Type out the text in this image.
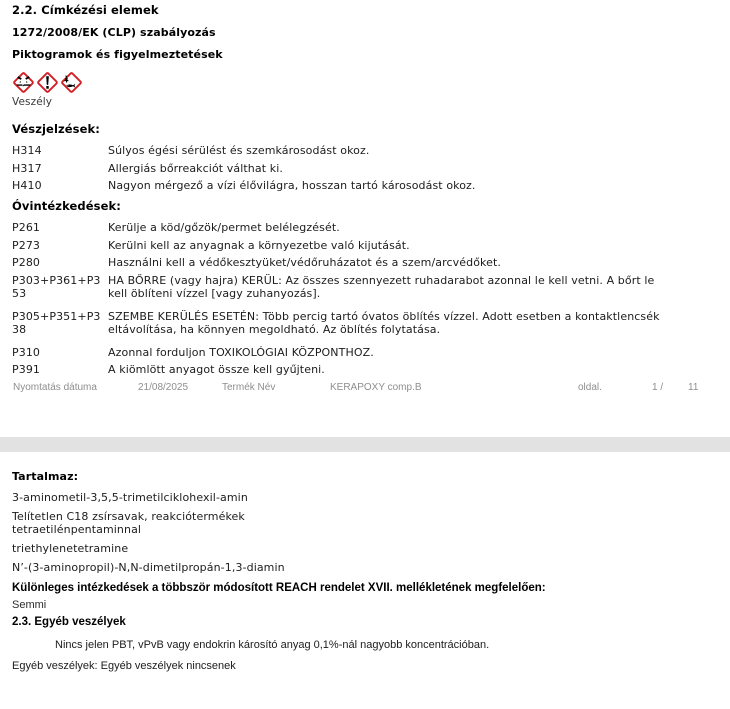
2.2. Címkézési elemek
1272/2008/EK (CLP) szabályozás
Piktogramok és figyelmeztetések
Veszély
Vészjelzések:
H314	Súlyos égési sérülést és szemkárosodást okoz.
H317	Allergiás bőrreakciót válthat ki.
H410	Nagyon mérgező a vízi élővilágra, hosszan tartó károsodást okoz.
Óvintézkedések:
P261	Kerülje a köd/gőzök/permet belélegzését.
P273	Kerülni kell az anyagnak a környezetbe való kijutását.
P280	Használni kell a védőkesztyüket/védőruházatot és a szem/arcvédőket.
P303+P361+P353
HA BŐRRE (vagy hajra) KERÜL: Az összes szennyezett ruhadarabot azonnal le kell vetni. A bőrt le kell öblíteni vízzel [vagy zuhanyozás].
P305+P351+P338
SZEMBE KERÜLÉS ESETÉN: Több percig tartó óvatos öblítés vízzel. Adott esetben a kontaktlencsék eltávolítása, ha könnyen megoldható. Az öblítés folytatása.
P310	Azonnal forduljon TOXIKOLÓGIAI KÖZPONTHOZ.
P391	A kiömlött anyagot össze kell gyűjteni.
Nyomtatás dátuma	21/08/2025	Termék Név	KERAPOXY comp.B	oldal.	1 / 11
Tartalmaz:
3-aminometil-3,5,5-trimetilciklohexil-amin
Telítetlen C18 zsírsavak, reakciótermékek tetraetilénpentaminnal
triethylenetetramine
N’-(3-aminopropil)-N,N-dimetilpropán-1,3-diamin
Különleges intézkedések a többször módosított REACH rendelet XVII. mellékletének megfelelően:
Semmi
2.3. Egyéb veszélyek
Nincs jelen PBT, vPvB vagy endokrin károsító anyag 0,1%-nál nagyobb koncentrációban.
Egyéb veszélyek: Egyéb veszélyek nincsenek
